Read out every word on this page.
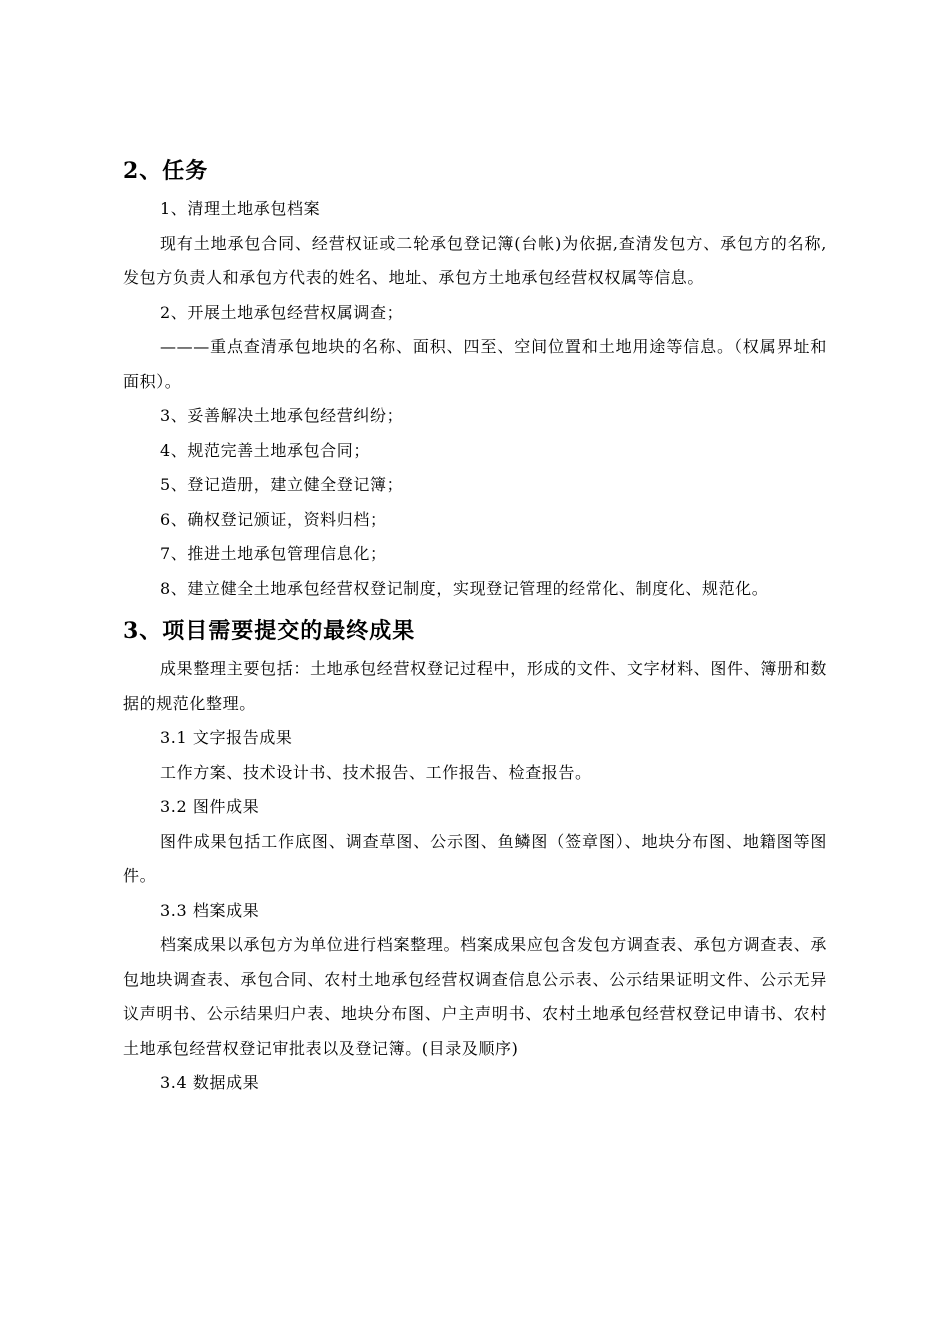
2、任务

1、清理土地承包档案

现有土地承包合同、经营权证或二轮承包登记簿(台帐)为依据,查清发包方、承包方的名称,发包方负责人和承包方代表的姓名、地址、承包方土地承包经营权权属等信息。

2、开展土地承包经营权属调查；

———重点查清承包地块的名称、面积、四至、空间位置和土地用途等信息。（权属界址和面积）。

3、妥善解决土地承包经营纠纷；

4、规范完善土地承包合同；

5、登记造册，建立健全登记簿；

6、确权登记颁证，资料归档；

7、推进土地承包管理信息化；

8、建立健全土地承包经营权登记制度，实现登记管理的经常化、制度化、规范化。

3、项目需要提交的最终成果

成果整理主要包括：土地承包经营权登记过程中，形成的文件、文字材料、图件、簿册和数据的规范化整理。

3.1 文字报告成果

工作方案、技术设计书、技术报告、工作报告、检查报告。

3.2 图件成果

图件成果包括工作底图、调查草图、公示图、鱼鳞图（签章图）、地块分布图、地籍图等图件。

3.3 档案成果

档案成果以承包方为单位进行档案整理。档案成果应包含发包方调查表、承包方调查表、承包地块调查表、承包合同、农村土地承包经营权调查信息公示表、公示结果证明文件、公示无异议声明书、公示结果归户表、地块分布图、户主声明书、农村土地承包经营权登记申请书、农村土地承包经营权登记审批表以及登记簿。(目录及顺序)

3.4 数据成果
